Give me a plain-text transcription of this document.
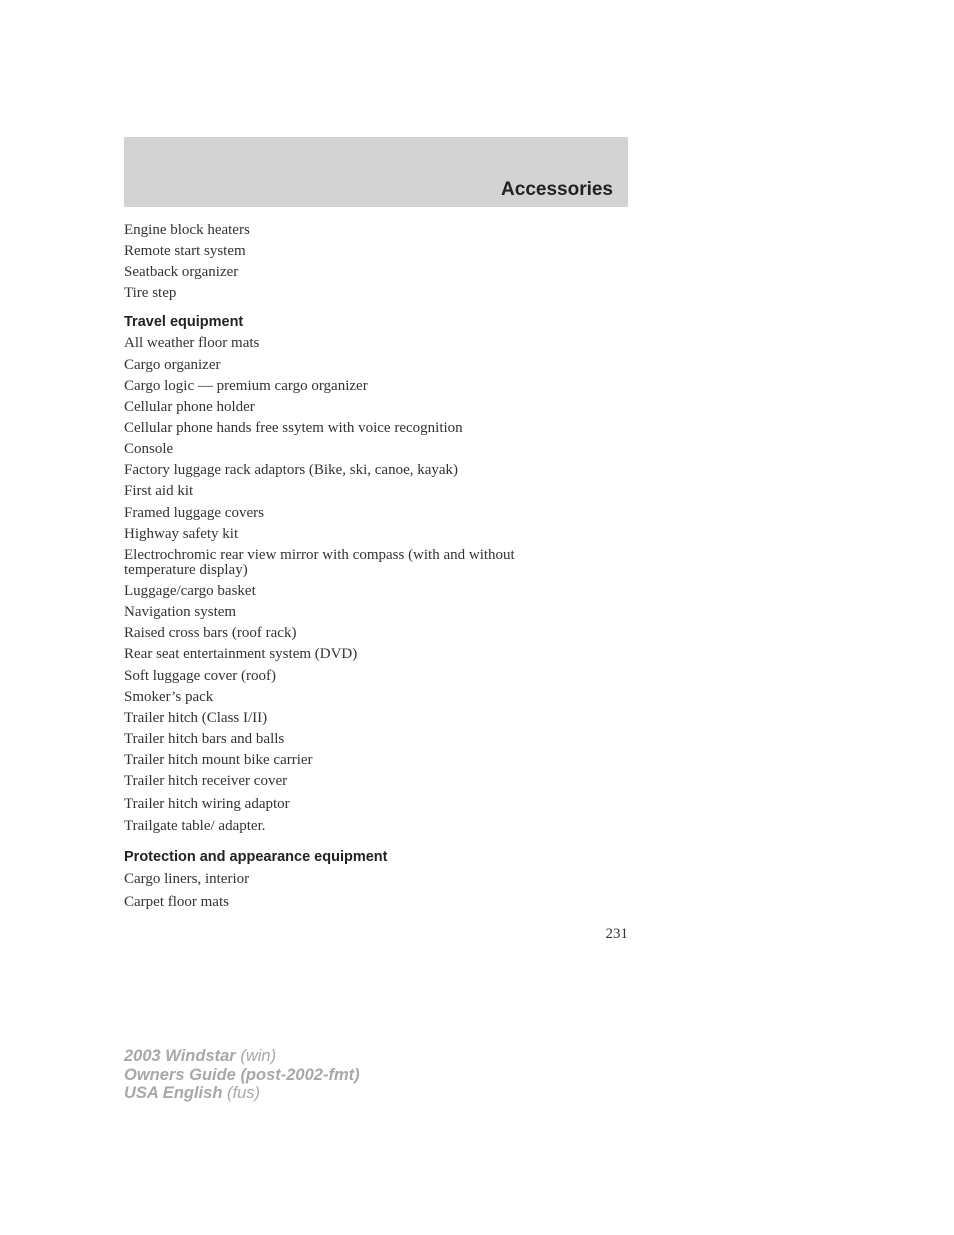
Accessories
Engine block heaters
Remote start system
Seatback organizer
Tire step
Travel equipment
All weather floor mats
Cargo organizer
Cargo logic — premium cargo organizer
Cellular phone holder
Cellular phone hands free ssytem with voice recognition
Console
Factory luggage rack adaptors (Bike, ski, canoe, kayak)
First aid kit
Framed luggage covers
Highway safety kit
Electrochromic rear view mirror with compass (with and without
temperature display)
Luggage/cargo basket
Navigation system
Raised cross bars (roof rack)
Rear seat entertainment system (DVD)
Soft luggage cover (roof)
Smoker’s pack
Trailer hitch (Class I/II)
Trailer hitch bars and balls
Trailer hitch mount bike carrier
Trailer hitch receiver cover
Trailer hitch wiring adaptor
Trailgate table/ adapter.
Protection and appearance equipment
Cargo liners, interior
Carpet floor mats
231
2003 Windstar (win)
Owners Guide (post-2002-fmt)
USA English (fus)
